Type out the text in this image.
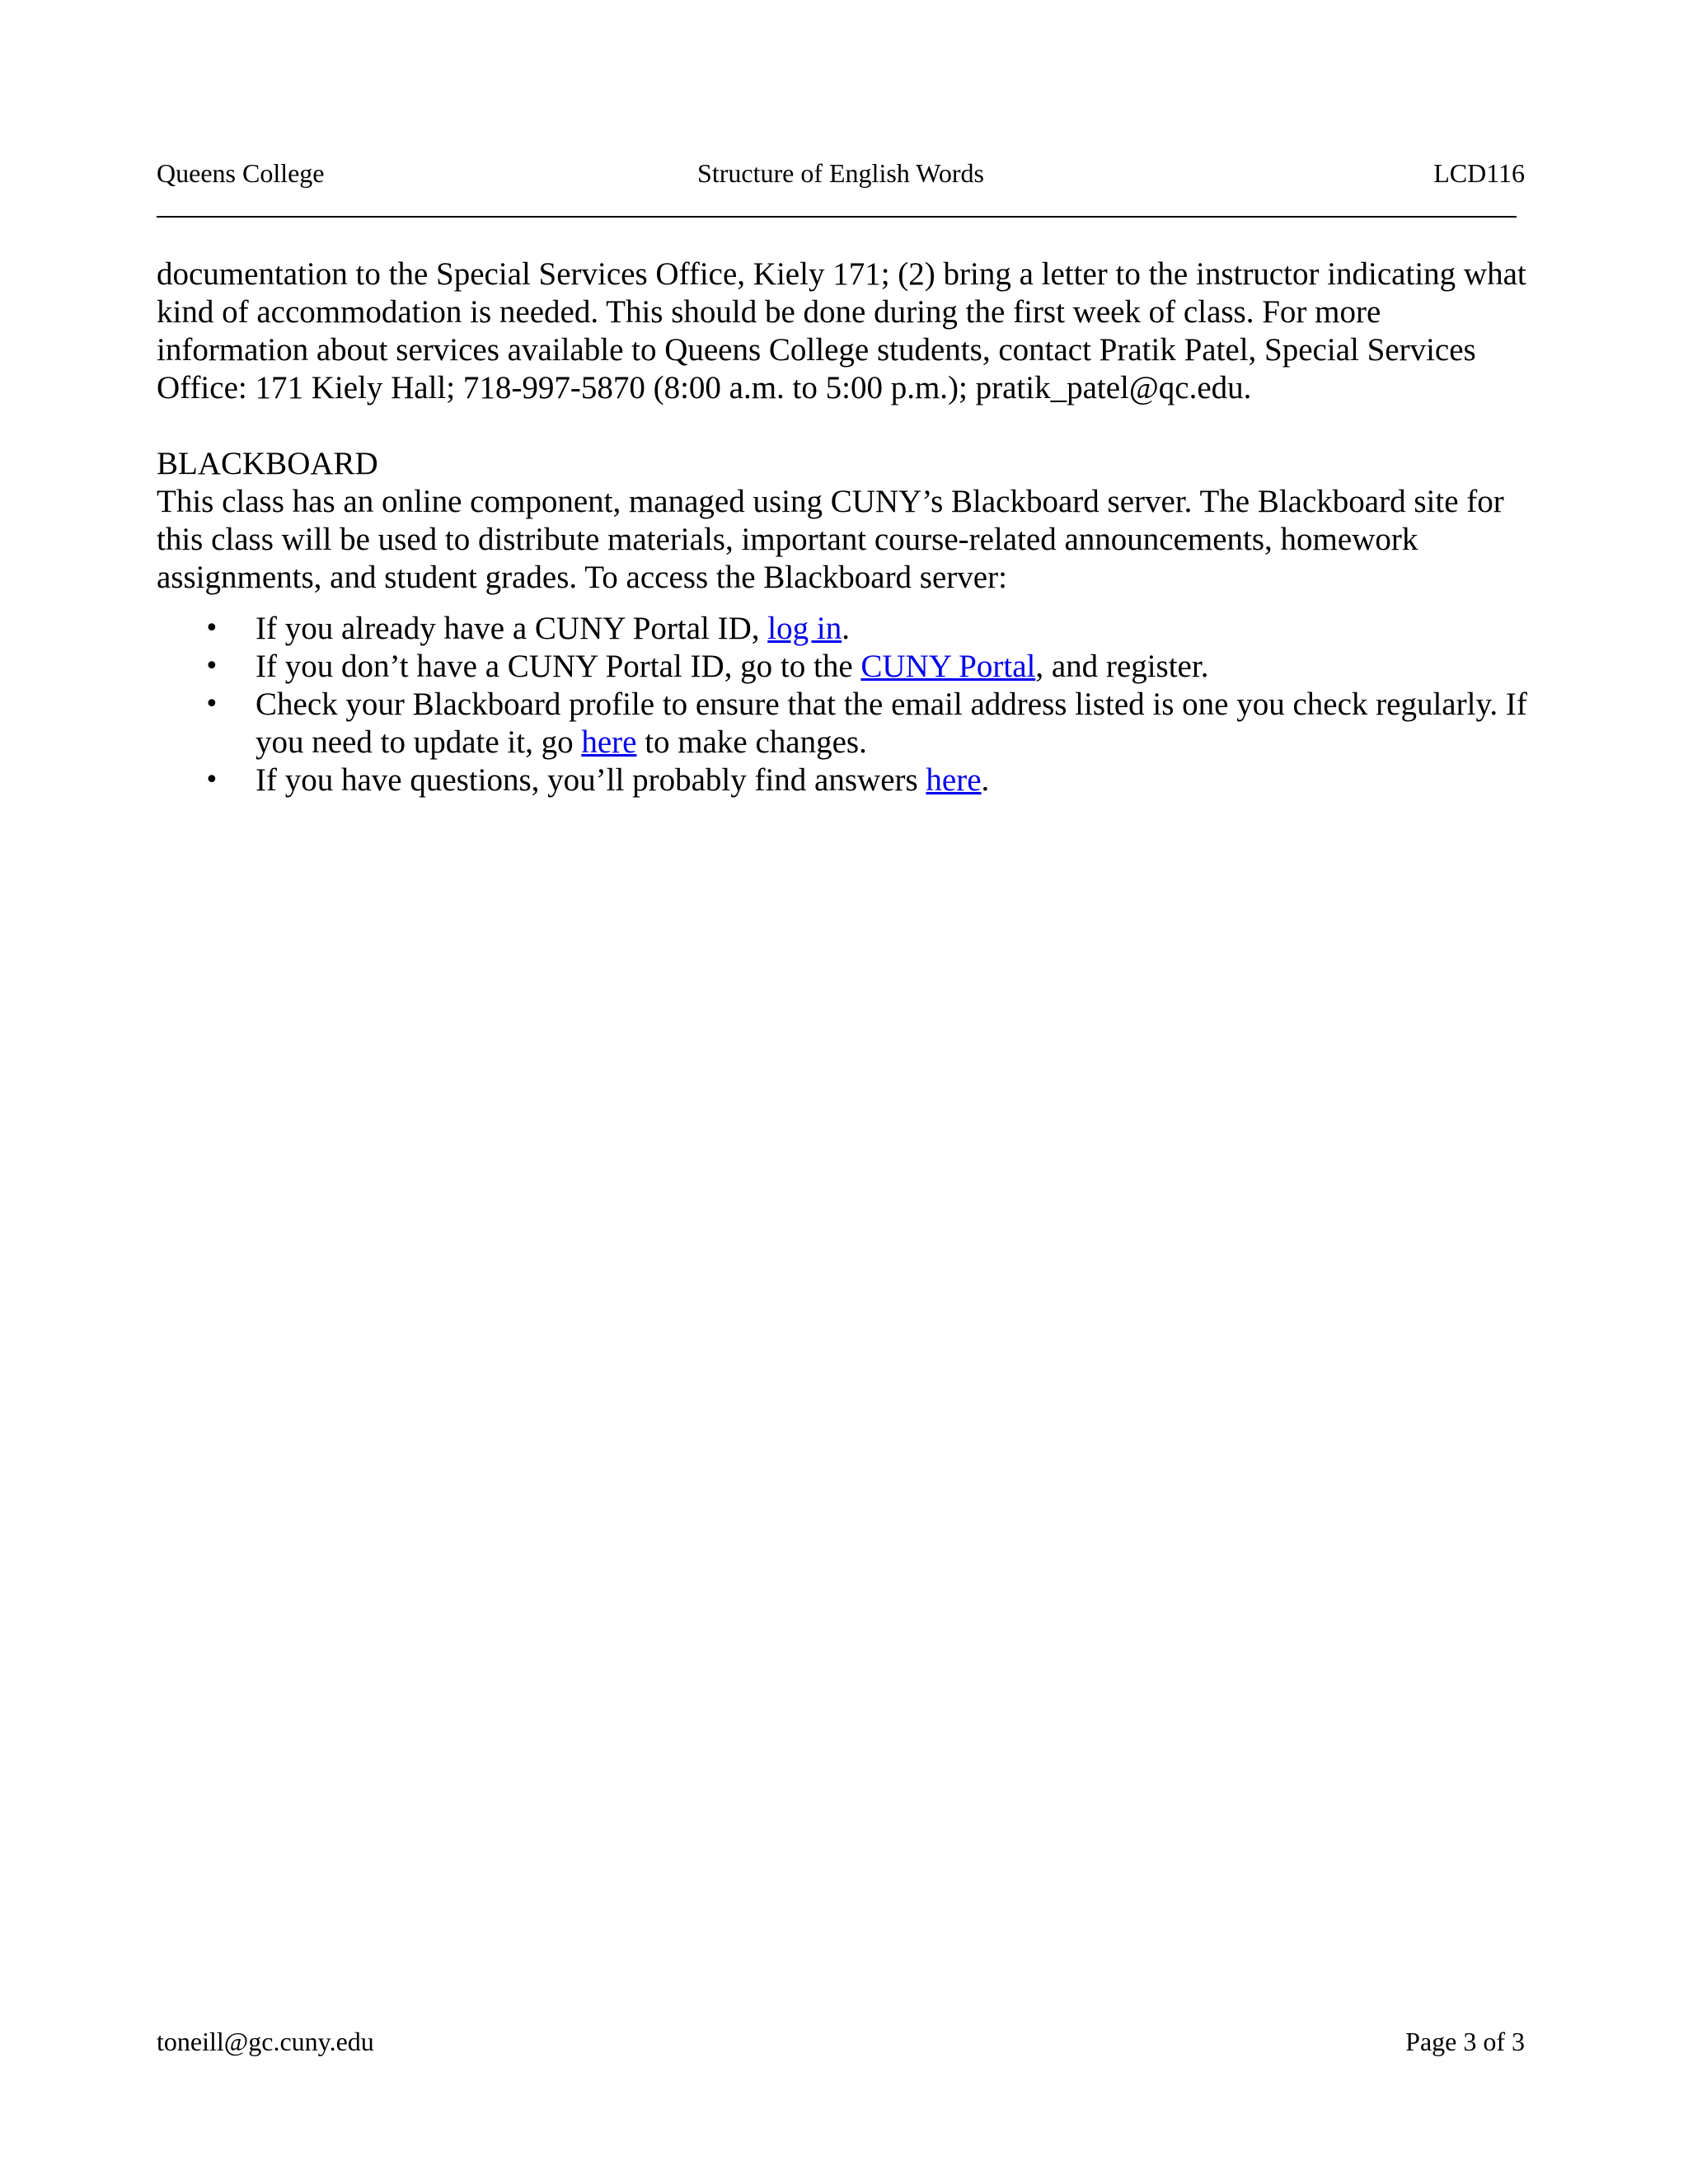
Queens College	Structure of English Words	LCD116

documentation to the Special Services Office, Kiely 171; (2) bring a letter to the instructor indicating what kind of accommodation is needed. This should be done during the first week of class. For more information about services available to Queens College students, contact Pratik Patel, Special Services Office: 171 Kiely Hall; 718-997-5870 (8:00 a.m. to 5:00 p.m.); pratik_patel@qc.edu.

BLACKBOARD

This class has an online component, managed using CUNY’s Blackboard server. The Blackboard site for this class will be used to distribute materials, important course-related announcements, homework assignments, and student grades. To access the Blackboard server:

• If you already have a CUNY Portal ID, log in.
• If you don’t have a CUNY Portal ID, go to the CUNY Portal, and register.
• Check your Blackboard profile to ensure that the email address listed is one you check regularly. If you need to update it, go here to make changes.
• If you have questions, you’ll probably find answers here.
toneill@gc.cuny.edu	Page 3 of 3
